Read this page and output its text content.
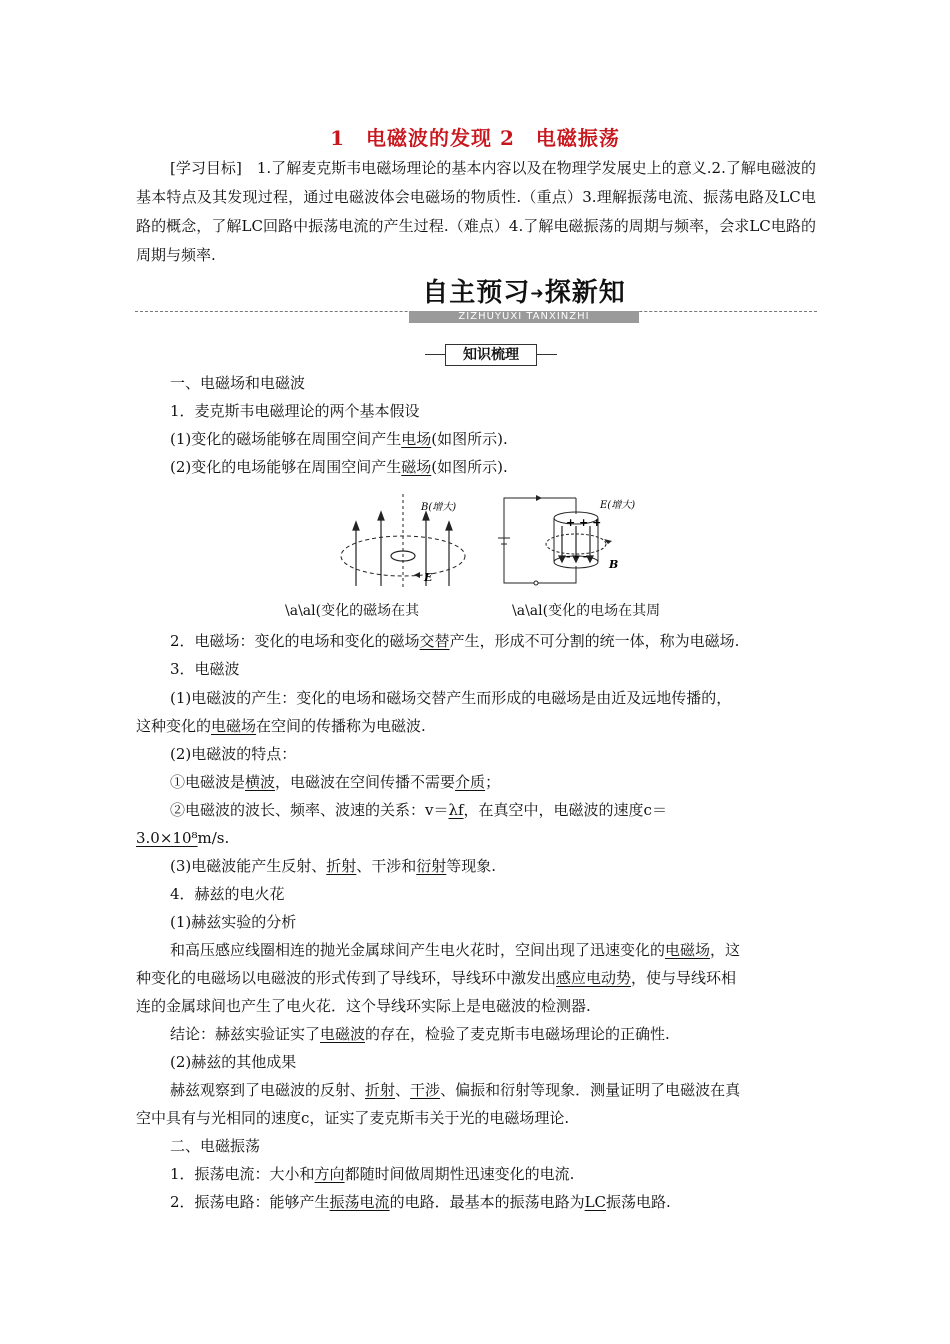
1　电磁波的发现 2　电磁振荡
[学习目标]　1.了解麦克斯韦电磁场理论的基本内容以及在物理学发展史上的意义.2.了解电磁波的基本特点及其发现过程，通过电磁波体会电磁场的物质性.（重点）3.理解振荡电流、振荡电路及LC电路的概念，了解LC回路中振荡电流的产生过程.（难点）4.了解电磁振荡的周期与频率，会求LC电路的周期与频率.
自主预习➜探新知
ZIZHUYUXI TANXINZHI
知识梳理
一、电磁场和电磁波
1．麦克斯韦电磁理论的两个基本假设
(1)变化的磁场能够在周围空间产生电场(如图所示).
(2)变化的电场能够在周围空间产生磁场(如图所示).
B(增大)
E
+ + +
- - -
E(增大)
B
\a\al(变化的磁场在其	\a\al(变化的电场在其周
2．电磁场：变化的电场和变化的磁场交替产生，形成不可分割的统一体，称为电磁场.
3．电磁波
(1)电磁波的产生：变化的电场和磁场交替产生而形成的电磁场是由近及远地传播的，
这种变化的电磁场在空间的传播称为电磁波.
(2)电磁波的特点：
①电磁波是横波，电磁波在空间传播不需要介质；
②电磁波的波长、频率、波速的关系：v＝λf，在真空中，电磁波的速度c＝
3.0×10⁸m/s.
(3)电磁波能产生反射、折射、干涉和衍射等现象.
4．赫兹的电火花
(1)赫兹实验的分析
和高压感应线圈相连的抛光金属球间产生电火花时，空间出现了迅速变化的电磁场，这
种变化的电磁场以电磁波的形式传到了导线环，导线环中激发出感应电动势，使与导线环相
连的金属球间也产生了电火花．这个导线环实际上是电磁波的检测器.
结论：赫兹实验证实了电磁波的存在，检验了麦克斯韦电磁场理论的正确性.
(2)赫兹的其他成果
赫兹观察到了电磁波的反射、折射、干涉、偏振和衍射等现象．测量证明了电磁波在真
空中具有与光相同的速度c，证实了麦克斯韦关于光的电磁场理论.
二、电磁振荡
1．振荡电流：大小和方向都随时间做周期性迅速变化的电流.
2．振荡电路：能够产生振荡电流的电路．最基本的振荡电路为LC振荡电路.
